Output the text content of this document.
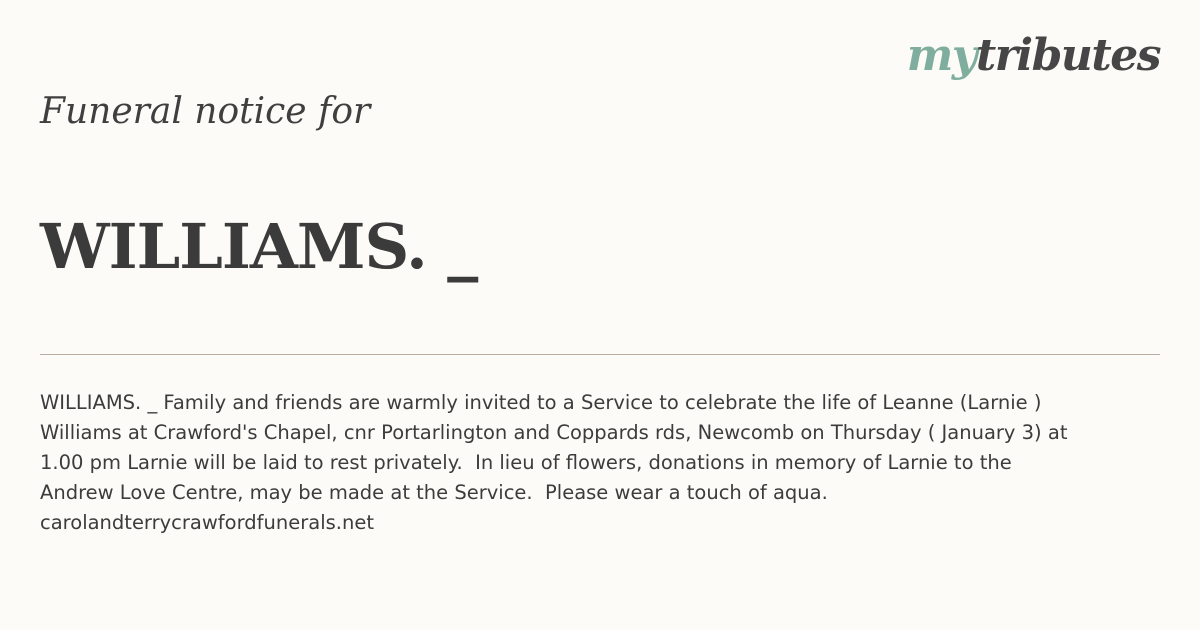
mytributes
Funeral notice for
WILLIAMS. _
WILLIAMS. _ Family and friends are warmly invited to a Service to celebrate the life of Leanne (Larnie )
Williams at Crawford's Chapel, cnr Portarlington and Coppards rds, Newcomb on Thursday ( January 3) at
1.00 pm Larnie will be laid to rest privately.  In lieu of flowers, donations in memory of Larnie to the
Andrew Love Centre, may be made at the Service.  Please wear a touch of aqua.
carolandterrycrawfordfunerals.net
